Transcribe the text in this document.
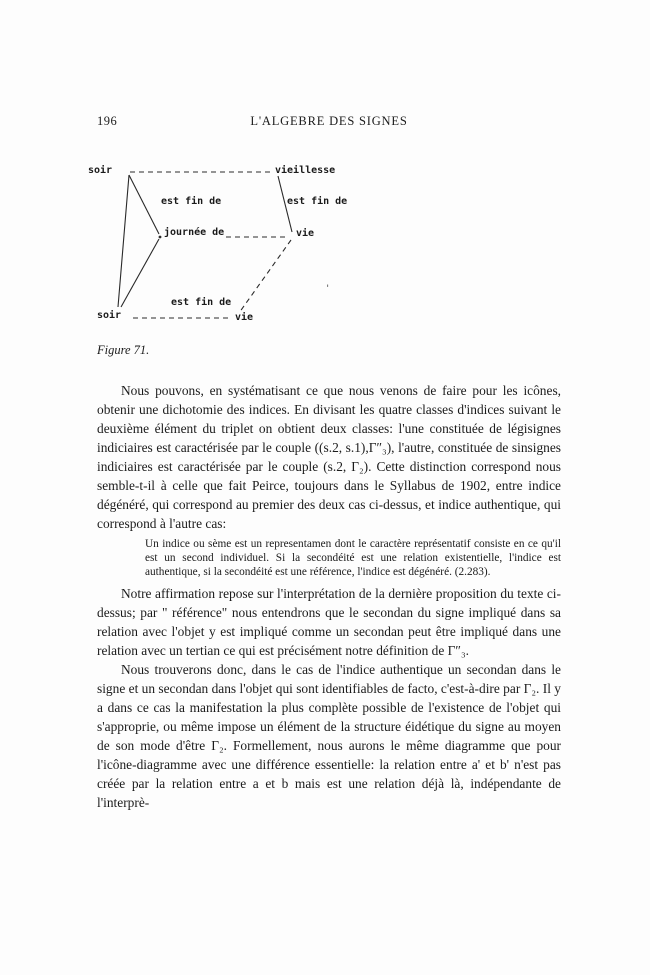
196	L'ALGEBRE DES SIGNES
soir	vieillesse
est fin de	est fin de
journée de	vie
'
soir
est fin de
vie
Figure 71.

Nous pouvons, en systématisant ce que nous venons de faire pour les icônes, obtenir une dichotomie des indices. En divisant les quatre classes d'indices suivant le deuxième élément du triplet on obtient deux classes: l'une constituée de légisignes indiciaires est caractérisée par le couple ((s.2, s.1),Γ″₃), l'autre, constituée de sinsignes indiciaires est caractérisée par le couple (s.2, Γ₂). Cette distinction correspond nous semble-t-il à celle que fait Peirce, toujours dans le Syllabus de 1902, entre indice dégénéré, qui correspond au premier des deux cas ci-dessus, et indice authentique, qui correspond à l'autre cas:

Un indice ou sème est un representamen dont le caractère représentatif consiste en ce qu'il est un second individuel. Si la secondéité est une relation existentielle, l'indice est authentique, si la secondéité est une référence, l'indice est dégénéré. (2.283).

Notre affirmation repose sur l'interprétation de la dernière proposition du texte ci-dessus; par " référence" nous entendrons que le secondan du signe impliqué dans sa relation avec l'objet y est impliqué comme un secondan peut être impliqué dans une relation avec un tertian ce qui est précisément notre définition de Γ″₃.

Nous trouverons donc, dans le cas de l'indice authentique un secondan dans le signe et un secondan dans l'objet qui sont identifiables de facto, c'est-à-dire par Γ₂. Il y a dans ce cas la manifestation la plus complète possible de l'existence de l'objet qui s'approprie, ou même impose un élément de la structure éidétique du signe au moyen de son mode d'être Γ₂. Formellement, nous aurons le même diagramme que pour l'icône-diagramme avec une différence essentielle: la relation entre a' et b' n'est pas créée par la relation entre a et b mais est une relation déjà là, indépendante de l'interprè-
